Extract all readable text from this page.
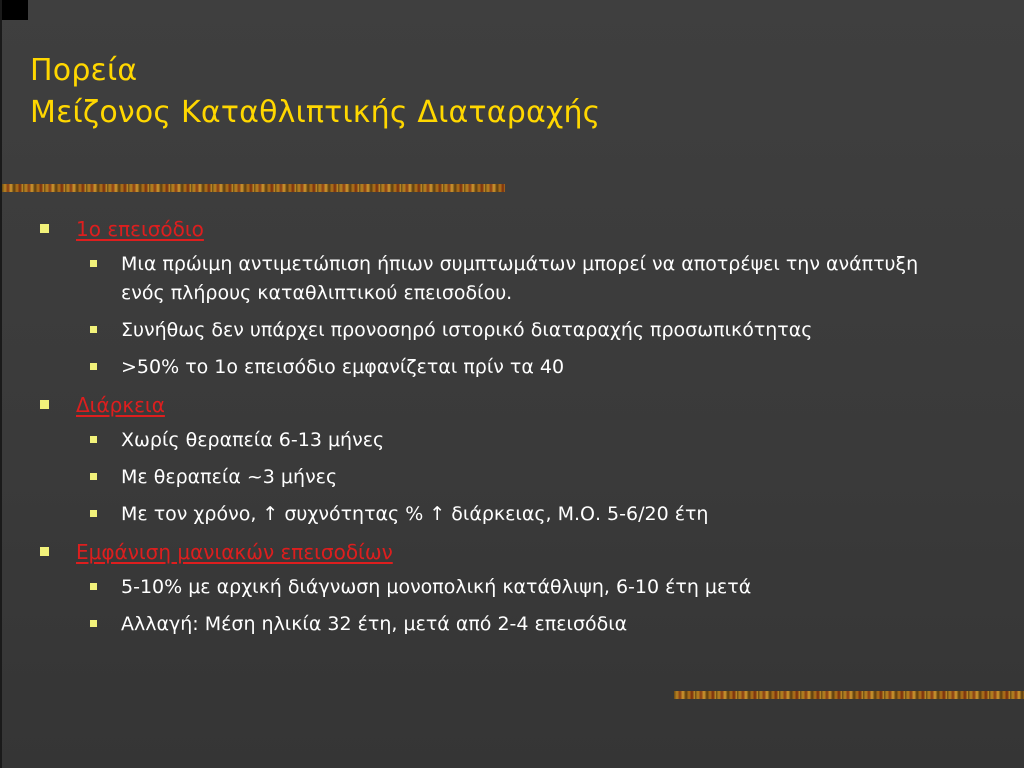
Πορεία
Μείζονος Καταθλιπτικής Διαταραχής
1ο επεισόδιο
Μια πρώιμη αντιμετώπιση ήπιων συμπτωμάτων μπορεί να αποτρέψει την ανάπτυξη ενός πλήρους καταθλιπτικού επεισοδίου.
Συνήθως δεν υπάρχει προνοσηρό ιστορικό διαταραχής προσωπικότητας
>50% το 1ο επεισόδιο εμφανίζεται πρίν τα 40
Διάρκεια
Χωρίς θεραπεία 6-13 μήνες
Με θεραπεία ~3 μήνες
Με τον χρόνο, ↑ συχνότητας % ↑ διάρκειας, Μ.Ο. 5-6/20 έτη
Εμφάνιση μανιακών επεισοδίων
5-10% με αρχική διάγνωση μονοπολική κατάθλιψη, 6-10 έτη μετά
Αλλαγή: Μέση ηλικία 32 έτη, μετά από 2-4 επεισόδια
